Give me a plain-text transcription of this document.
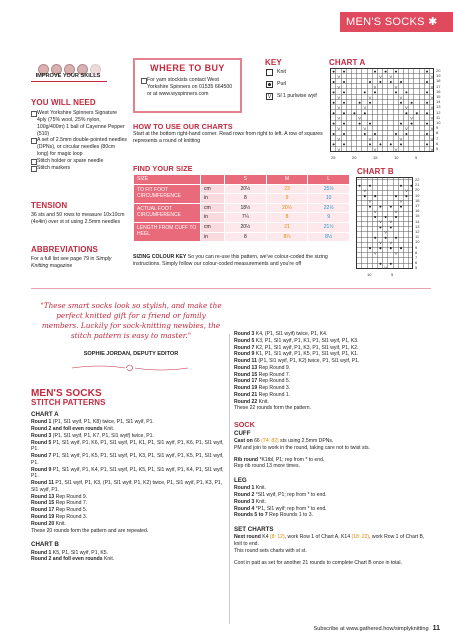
MEN'S SOCKS ✱
IMPROVE YOUR SKILLS
YOU WILL NEED
West Yorkshire Spinners Signature 4ply (75% wool, 25% nylon, 100g/400m) 1 ball of Cayenne Pepper (510)
A set of 2.5mm double-pointed needles (DPNs), or circular needles (80cm long) for magic loop
Stitch holder or spare needle
Stitch markers
TENSION
36 sts and 50 rows to measure 10x10cm (4x4in) over st st using 2.5mm needles
ABBREVIATIONS
For a full list see page 79 in Simply Knitting magazine
WHERE TO BUY
For yarn stockists contact West Yorkshire Spinners on 01535 664500 or at www.wyspinners.com
KEY
Knit
Purl
V	Sl 1 purlwise wyif
CHART A
V	V V	V
V	V	V	V
V	V	V	V
V	V	V	V
V	V	V	V
V	V	V	V
V	V	V	V
V	V	V	V
20
19
18
17
16
15
14
13
12
11
10
9
8
7
6
5
25	20	15	10	5
CHART B
V	V
V	V
V	V
V V
V
V V
V	V
V
22
21
20
19
18
17
16
15
14
13
12
11
10
9
8
7
6
5
10	5
HOW TO USE OUR CHARTS
Start at the bottom right-hand corner. Read rows from right to left. A row of squares represents a round of knitting
FIND YOUR SIZE
SIZE		S	M	L
TO FIT FOOT CIRCUMFERENCE	cm	20½	23	25½
	in	8	9	10
ACTUAL FOOT CIRCUMFERENCE	cm	18½	20½	22½
	in	7¼	8	9
LENGTH FROM CUFF TO HEEL	cm	20½	21	21½
	in	8	8¼	8½
SIZING COLOUR KEY So you can re-use this pattern, we've colour-coded the sizing instructions. Simply follow our colour-coded measurements and you're off
"These smart socks look so stylish, and make the perfect knitted gift for a friend or family members. Luckily for sock-knitting newbies, the stitch pattern is easy to master."
SOPHIE JORDAN, DEPUTY EDITOR
MEN'S SOCKS
STITCH PATTERNS
CHART A

Round 1 (P1, Sl1 wyif, P1, K8) twice, P1, Sl1 wyif, P1.

Round 2 and foll even rounds Knit.

Round 3 (P1, Sl1 wyif, P1, K7, P1, Sl1 wyif) twice, P1.

Round 5 P1, Sl1 wyif, P1, K6, P1, Sl1 wyif, P1, K1, P1, Sl1 wyif, P1, K6, P1, Sl1 wyif, P1.

Round 7 P1, Sl1 wyif, P1, K5, P1, Sl1 wyif, P1, K3, P1, Sl1 wyif, P1, K5, P1, Sl1 wyif, P1.

Round 9 P1, Sl1 wyif, P1, K4, P1, Sl1 wyif, P1, K5, P1, Sl1 wyif, P1, K4, P1, Sl1 wyif, P1.

Round 11 P1, Sl1 wyif, P1, K3, (P1, Sl1 wyif, P1, K2) twice, P1, Sl1 wyif, P1, K3, P1, Sl1 wyif, P1.

Round 13 Rep Round 9.

Round 15 Rep Round 7.

Round 17 Rep Round 5.

Round 19 Rep Round 3.

Round 20 Knit.

These 20 rounds form the pattern and are repeated.

CHART B

Round 1 K5, P1, Sl1 wyif, P1, K5.

Round 2 and foll even rounds Knit.

Round 3 K4, (P1, Sl1 wyif) twice, P1, K4.

Round 5 K3, P1, Sl1 wyif, P1, K1, P1, Sl1 wyif, P1, K3.

Round 7 K2, P1, Sl1 wyif, P1, K3, P1, Sl1 wyif, P1, K2.

Round 9 K1, P1, Sl1 wyif, P1, K5, P1, Sl1 wyif, P1, K1.

Round 11 (P1, Sl1 wyif, P1, K2) twice, P1, Sl1 wyif, P1.

Round 13 Rep Round 9.

Round 15 Rep Round 7.

Round 17 Rep Round 5.

Round 19 Rep Round 3.

Round 21 Rep Round 1.

Round 22 Knit.

These 22 rounds form the pattern.

SOCK
CUFF

Cast on 66 (74: 82) sts using 2.5mm DPNs.

PM and join to work in the round, taking care not to twist sts.

Rib round *K1tbl, P1; rep from * to end.

Rep rib round 13 more times.

LEG

Round 1 Knit.

Round 2 *Sl1 wyif, P1; rep from * to end.

Round 3 Knit.

Round 4 *P1, Sl1 wyif; rep from * to end.

Rounds 5 to 7 Rep Rounds 1 to 3.

SET CHARTS

Next round K4 (8: 12), work Row 1 of Chart A, K14 (18: 22), work Row 1 of Chart B, knit to end.

This round sets charts with st st.

Cont in patt as set for another 21 rounds to complete Chart B once in total.

Subscribe at www.gathered.how/simplyknitting 11
